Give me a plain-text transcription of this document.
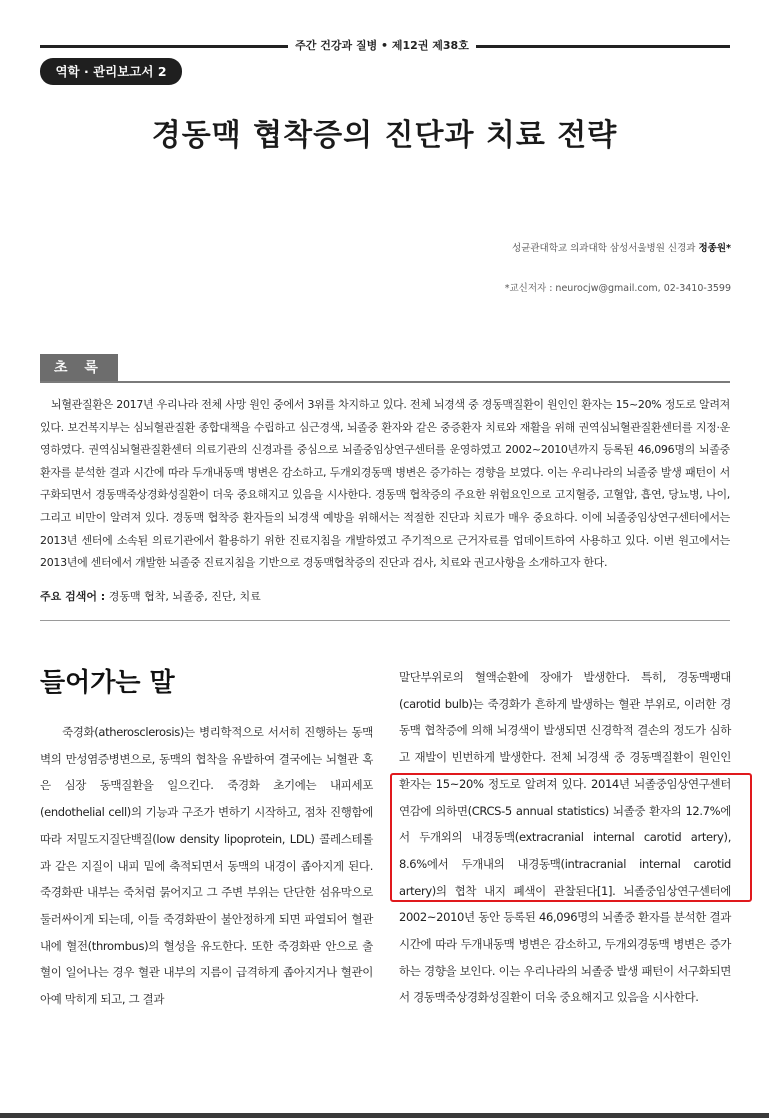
주간 건강과 질병 • 제12권 제38호
역학 · 관리보고서 2
경동맥 협착증의 진단과 치료 전략
성균관대학교 의과대학 삼성서울병원 신경과 정종원*
*교신저자 : neurocjw@gmail.com, 02-3410-3599
초 록
뇌혈관질환은 2017년 우리나라 전체 사망 원인 중에서 3위를 차지하고 있다. 전체 뇌경색 중 경동맥질환이 원인인 환자는 15~20% 정도로 알려져 있다. 보건복지부는 심뇌혈관질환 종합대책을 수립하고 심근경색, 뇌졸중 환자와 같은 중증환자 치료와 재활을 위해 권역심뇌혈관질환센터를 지정·운영하였다. 권역심뇌혈관질환센터 의료기관의 신경과를 중심으로 뇌졸중임상연구센터를 운영하였고 2002~2010년까지 등록된 46,096명의 뇌졸중 환자를 분석한 결과 시간에 따라 두개내동맥 병변은 감소하고, 두개외경동맥 병변은 증가하는 경향을 보였다. 이는 우리나라의 뇌졸중 발생 패턴이 서구화되면서 경동맥죽상경화성질환이 더욱 중요해지고 있음을 시사한다. 경동맥 협착증의 주요한 위험요인으로 고지혈증, 고혈압, 흡연, 당뇨병, 나이, 그리고 비만이 알려져 있다. 경동맥 협착증 환자들의 뇌경색 예방을 위해서는 적절한 진단과 치료가 매우 중요하다. 이에 뇌졸중임상연구센터에서는 2013년 센터에 소속된 의료기관에서 활용하기 위한 진료지침을 개발하였고 주기적으로 근거자료를 업데이트하여 사용하고 있다. 이번 원고에서는 2013년에 센터에서 개발한 뇌졸중 진료지침을 기반으로 경동맥협착증의 진단과 검사, 치료와 권고사항을 소개하고자 한다.
주요 검색어 : 경동맥 협착, 뇌졸중, 진단, 치료
들어가는 말
죽경화(atherosclerosis)는 병리학적으로 서서히 진행하는 동맥벽의 만성염증병변으로, 동맥의 협착을 유발하여 결국에는 뇌혈관 혹은 심장 동맥질환을 일으킨다. 죽경화 초기에는 내피세포(endothelial cell)의 기능과 구조가 변하기 시작하고, 점차 진행함에 따라 저밀도지질단백질(low density lipoprotein, LDL) 콜레스테롤과 같은 지질이 내피 밑에 축적되면서 동맥의 내경이 좁아지게 된다. 죽경화판 내부는 죽처럼 묽어지고 그 주변 부위는 단단한 섬유막으로 둘러싸이게 되는데, 이들 죽경화판이 불안정하게 되면 파열되어 혈관 내에 혈전(thrombus)의 혈성을 유도한다. 또한 죽경화판 안으로 출혈이 일어나는 경우 혈관 내부의 지름이 급격하게 좁아지거나 혈관이 아예 막히게 되고, 그 결과
말단부위로의 혈액순환에 장애가 발생한다. 특히, 경동맥팽대(carotid bulb)는 죽경화가 흔하게 발생하는 혈관 부위로, 이러한 경동맥 협착증에 의해 뇌경색이 발생되면 신경학적 결손의 정도가 심하고 재발이 빈번하게 발생한다. 전체 뇌경색 중 경동맥질환이 원인인 환자는 15~20% 정도로 알려져 있다. 2014년 뇌졸중임상연구센터 연감에 의하면(CRCS-5 annual statistics) 뇌졸중 환자의 12.7%에서 두개외의 내경동맥(extracranial internal carotid artery), 8.6%에서 두개내의 내경동맥(intracranial internal carotid artery)의 협착 내지 폐색이 관찰된다[1]. 뇌졸중임상연구센터에 2002~2010년 동안 등록된 46,096명의 뇌졸중 환자를 분석한 결과 시간에 따라 두개내동맥 병변은 감소하고, 두개외경동맥 병변은 증가하는 경향을 보인다. 이는 우리나라의 뇌졸중 발생 패턴이 서구화되면서 경동맥죽상경화성질환이 더욱 중요해지고 있음을 시사한다.
